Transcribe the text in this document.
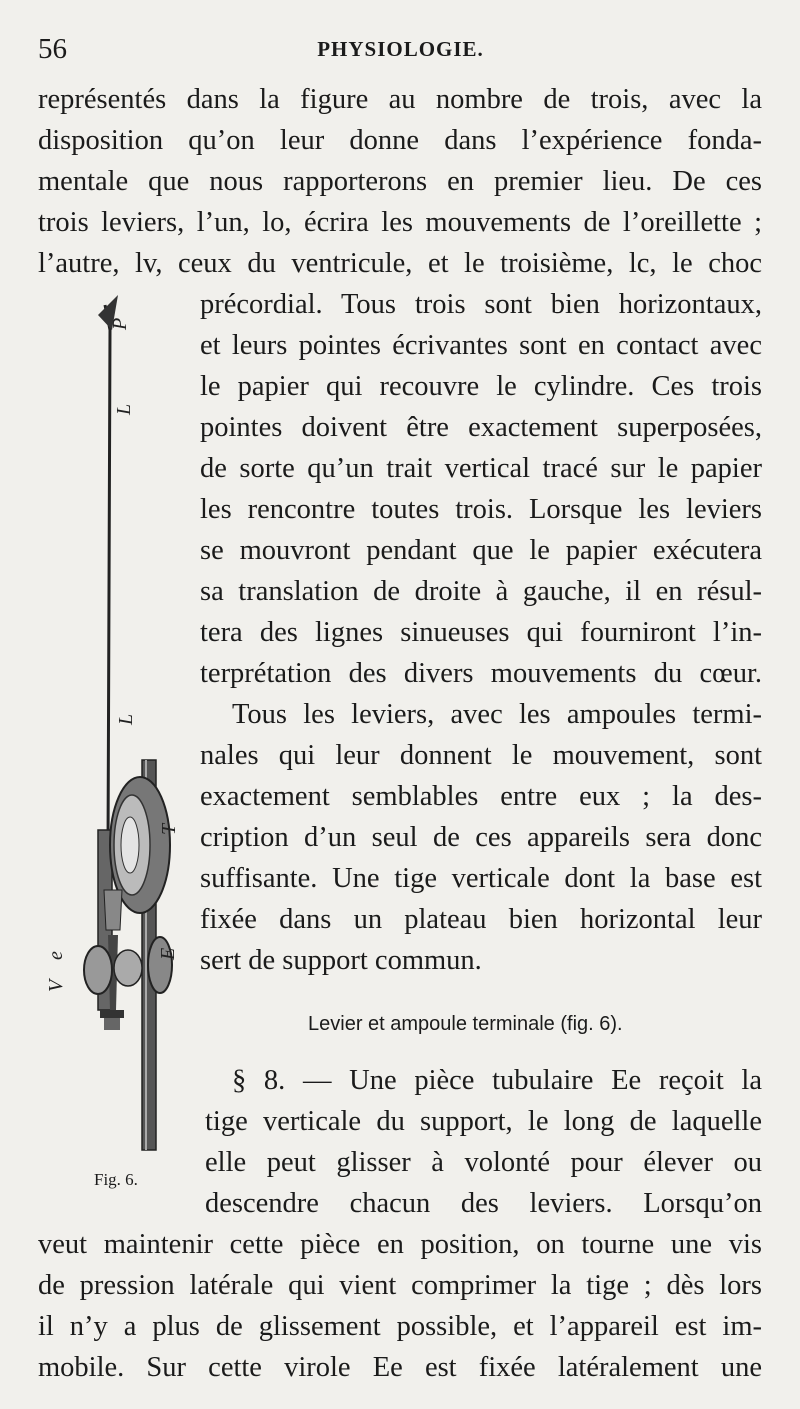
56	PHYSIOLOGIE.
représentés dans la figure au nombre de trois, avec la
disposition qu’on leur donne dans l’expérience fonda-
mentale que nous rapporterons en premier lieu. De ces
trois leviers, l’un, lo, écrira les mouvements de l’oreillette ;
l’autre, lv, ceux du ventricule, et le troisième, lc, le choc
précordial. Tous trois sont bien horizontaux,
et leurs pointes écrivantes sont en contact avec
le papier qui recouvre le cylindre. Ces trois
pointes doivent être exactement superposées,
de sorte qu’un trait vertical tracé sur le papier
les rencontre toutes trois. Lorsque les leviers
se mouvront pendant que le papier exécutera
sa translation de droite à gauche, il en résul-
tera des lignes sinueuses qui fourniront l’in-
terprétation des divers mouvements du cœur.
Tous les leviers, avec les ampoules termi-
nales qui leur donnent le mouvement, sont
exactement semblables entre eux ; la des-
cription d’un seul de ces appareils sera donc
suffisante. Une tige verticale dont la base est
fixée dans un plateau bien horizontal leur
sert de support commun.
Levier et ampoule terminale (fig. 6).
§ 8. — Une pièce tubulaire Ee reçoit la
tige verticale du support, le long de laquelle
elle peut glisser à volonté pour élever ou
descendre chacun des leviers. Lorsqu’on
veut maintenir cette pièce en position, on tourne une vis
de pression latérale qui vient comprimer la tige ; dès lors
il n’y a plus de glissement possible, et l’appareil est im-
mobile. Sur cette virole Ee est fixée latéralement une
P
L
L
T
E
e
V
Fig. 6.
